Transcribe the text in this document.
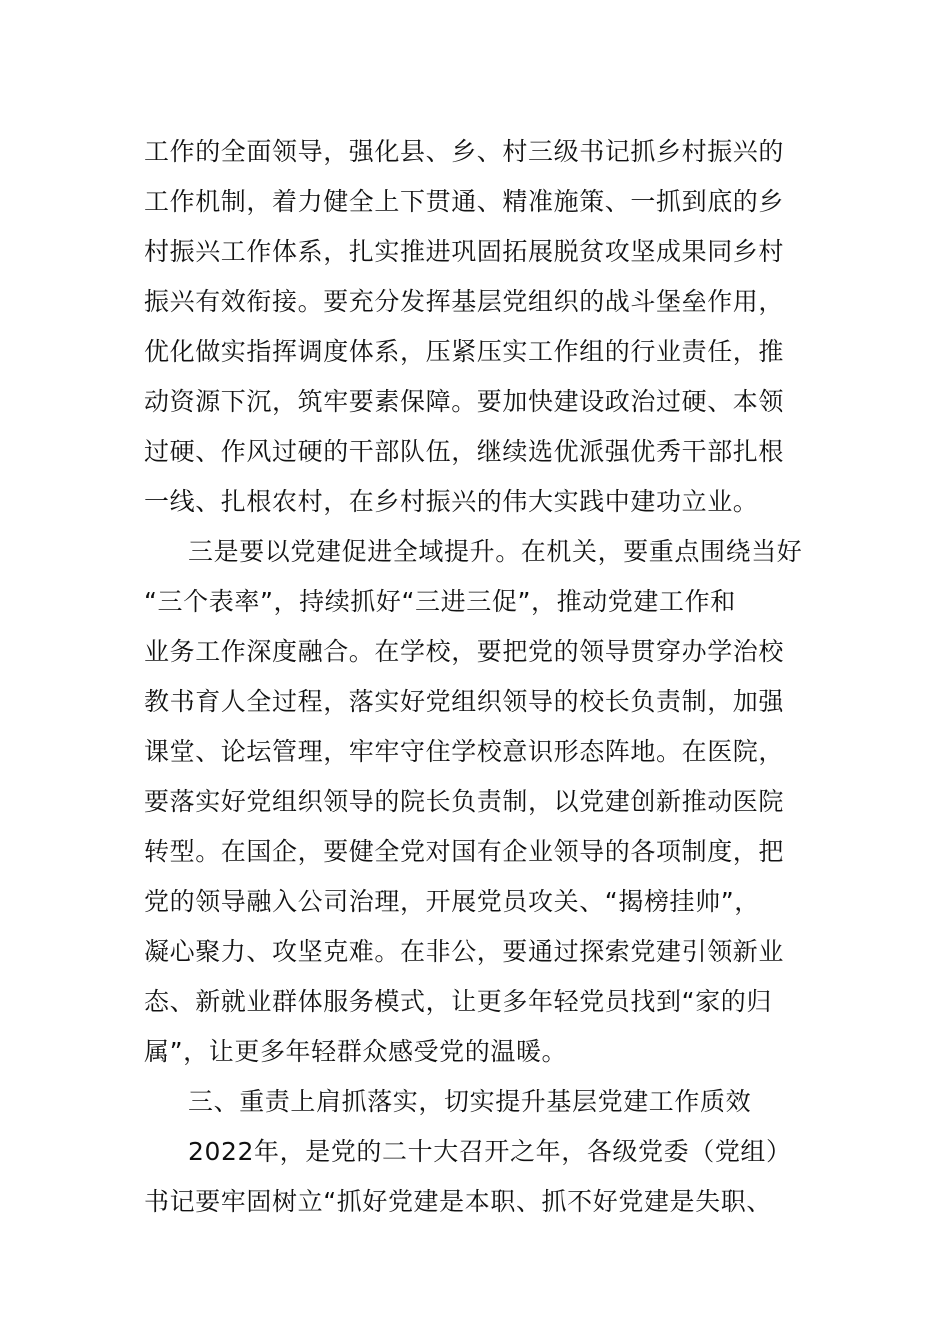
工作的全面领导，强化县、乡、村三级书记抓乡村振兴的
工作机制，着力健全上下贯通、精准施策、一抓到底的乡
村振兴工作体系，扎实推进巩固拓展脱贫攻坚成果同乡村
振兴有效衔接。要充分发挥基层党组织的战斗堡垒作用，
优化做实指挥调度体系，压紧压实工作组的行业责任，推
动资源下沉，筑牢要素保障。要加快建设政治过硬、本领
过硬、作风过硬的干部队伍，继续选优派强优秀干部扎根
一线、扎根农村，在乡村振兴的伟大实践中建功立业。
三是要以党建促进全域提升。在机关，要重点围绕当好
“三个表率”，持续抓好“三进三促”，推动党建工作和
业务工作深度融合。在学校，要把党的领导贯穿办学治校
教书育人全过程，落实好党组织领导的校长负责制，加强
课堂、论坛管理，牢牢守住学校意识形态阵地。在医院，
要落实好党组织领导的院长负责制，以党建创新推动医院
转型。在国企，要健全党对国有企业领导的各项制度，把
党的领导融入公司治理，开展党员攻关、“揭榜挂帅”，
凝心聚力、攻坚克难。在非公，要通过探索党建引领新业
态、新就业群体服务模式，让更多年轻党员找到“家的归
属”，让更多年轻群众感受党的温暖。
三、重责上肩抓落实，切实提升基层党建工作质效
2022年，是党的二十大召开之年，各级党委（党组）
书记要牢固树立“抓好党建是本职、抓不好党建是失职、
